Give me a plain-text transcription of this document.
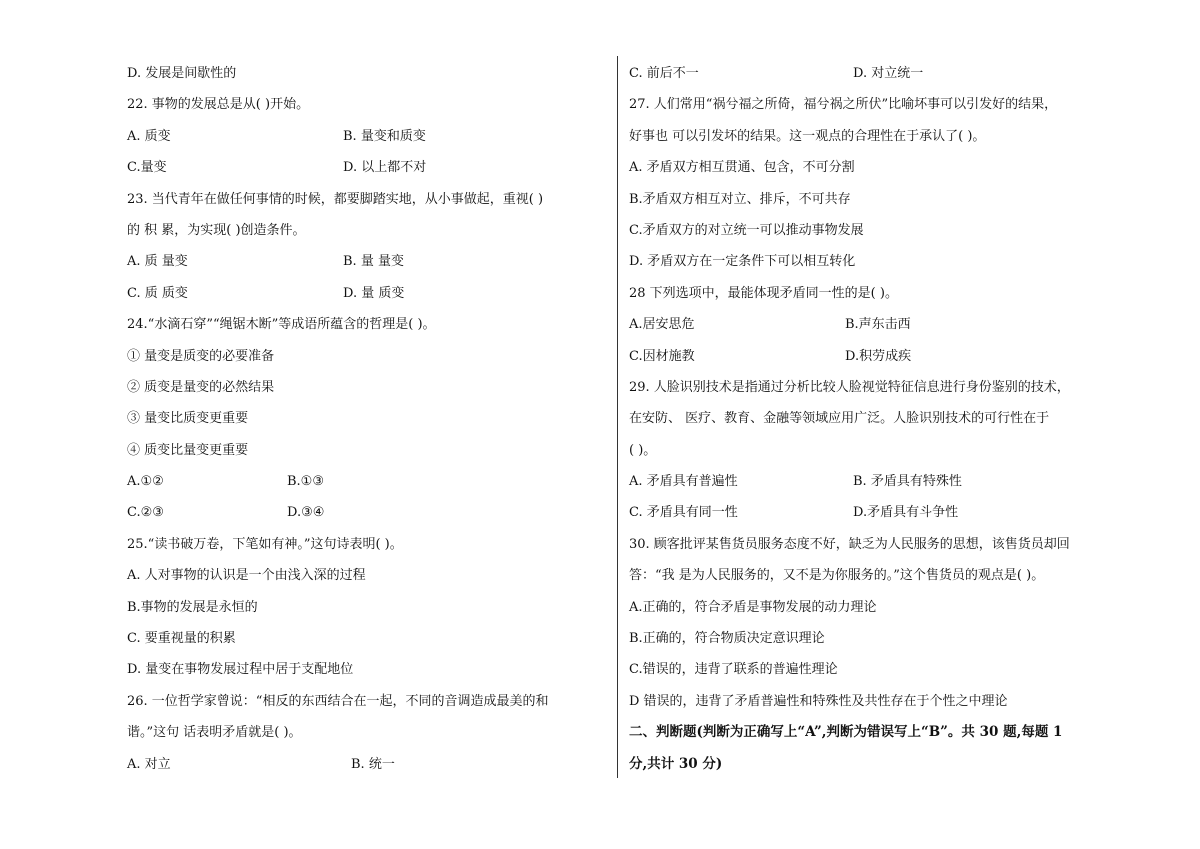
D. 发展是间歇性的
22. 事物的发展总是从( )开始。
A. 质变	B. 量变和质变
C.量变	D. 以上都不对
23. 当代青年在做任何事情的时候，都要脚踏实地，从小事做起，重视( )
的 积 累，为实现( )创造条件。
A. 质 量变	B. 量 量变
C. 质 质变	D. 量 质变
24.“水滴石穿”“绳锯木断”等成语所蕴含的哲理是( )。
① 量变是质变的必要准备
② 质变是量变的必然结果
③ 量变比质变更重要
④ 质变比量变更重要
A.①②	B.①③
C.②③	D.③④
25.“读书破万卷，下笔如有神。”这句诗表明( )。
A. 人对事物的认识是一个由浅入深的过程
B.事物的发展是永恒的
C. 要重视量的积累
D. 量变在事物发展过程中居于支配地位
26. 一位哲学家曾说：“相反的东西结合在一起，不同的音调造成最美的和
谐。”这句 话表明矛盾就是( )。
A. 对立	B. 统一
C. 前后不一	D. 对立统一
27. 人们常用“祸兮福之所倚，福兮祸之所伏”比喻坏事可以引发好的结果，
好事也 可以引发坏的结果。这一观点的合理性在于承认了( )。
A. 矛盾双方相互贯通、包含，不可分割
B.矛盾双方相互对立、排斥，不可共存
C.矛盾双方的对立统一可以推动事物发展
D. 矛盾双方在一定条件下可以相互转化
28 下列选项中，最能体现矛盾同一性的是( )。
A.居安思危	B.声东击西
C.因材施教	D.积劳成疾
29. 人脸识别技术是指通过分析比较人脸视觉特征信息进行身份鉴别的技术，
在安防、 医疗、教育、金融等领域应用广泛。人脸识别技术的可行性在于
( )。
A. 矛盾具有普遍性	B. 矛盾具有特殊性
C. 矛盾具有同一性	D.矛盾具有斗争性
30. 顾客批评某售货员服务态度不好，缺乏为人民服务的思想，该售货员却回
答：“我 是为人民服务的，又不是为你服务的。”这个售货员的观点是( )。
A.正确的，符合矛盾是事物发展的动力理论
B.正确的，符合物质决定意识理论
C.错误的，违背了联系的普遍性理论
D 错误的，违背了矛盾普遍性和特殊性及共性存在于个性之中理论
二、判断题(判断为正确写上“A”,判断为错误写上“B”。共 30 题,每题 1
分,共计 30 分)
